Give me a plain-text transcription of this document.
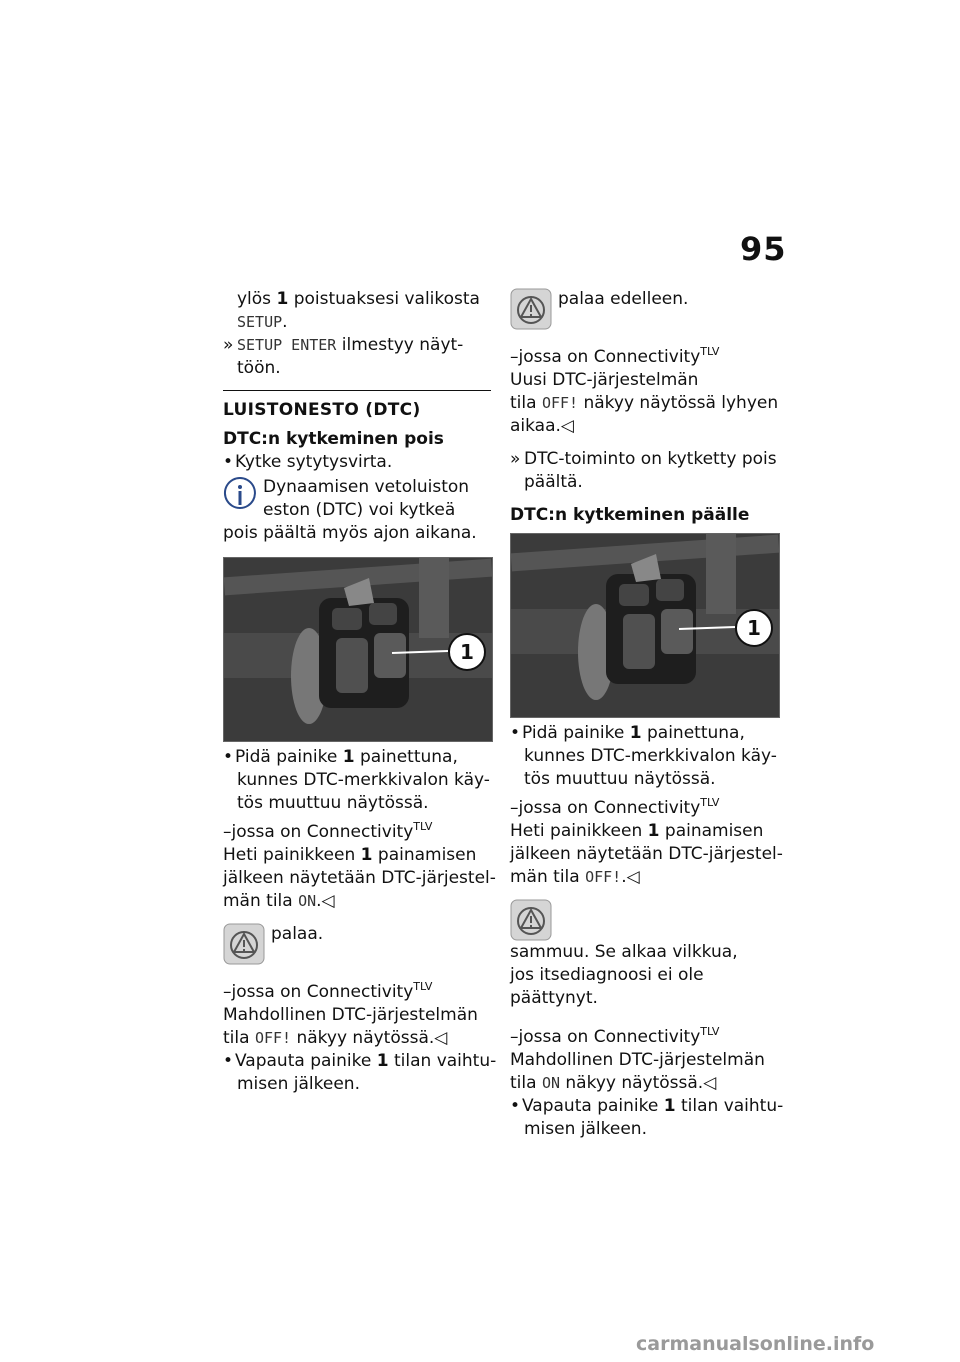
95
ylös 1 poistuaksesi valikosta
SETUP.
» SETUP ENTER ilmestyy näyt-
töön.
LUISTONESTO (DTC)
DTC:n kytkeminen pois
• Kytke sytytysvirta.
Dynaamisen vetoluiston
eston (DTC) voi kytkeä
pois päältä myös ajon aikana.
1
• Pidä painike 1 painettuna,
kunnes DTC-merkkivalon käy-
tös muuttuu näytössä.
–jossa on Connectivity$^{TLV}$
Heti painikkeen 1 painamisen
jälkeen näytetään DTC-järjestel-
män tila ON.◁
palaa.
–jossa on Connectivity$^{TLV}$
Mahdollinen DTC-järjestelmän
tila OFF! näkyy näytössä.◁
• Vapauta painike 1 tilan vaihtu-
misen jälkeen.
palaa edelleen.
–jossa on Connectivity$^{TLV}$
Uusi DTC-järjestelmän
tila OFF! näkyy näytössä lyhyen
aikaa.◁
» DTC-toiminto on kytketty pois
päältä.
DTC:n kytkeminen päälle
1
• Pidä painike 1 painettuna,
kunnes DTC-merkkivalon käy-
tös muuttuu näytössä.
–jossa on Connectivity$^{TLV}$
Heti painikkeen 1 painamisen
jälkeen näytetään DTC-järjestel-
män tila OFF!.◁
sammuu. Se alkaa vilkkua,
jos itsediagnoosi ei ole
päättynyt.
–jossa on Connectivity$^{TLV}$
Mahdollinen DTC-järjestelmän
tila ON näkyy näytössä.◁
• Vapauta painike 1 tilan vaihtu-
misen jälkeen.
carmanualsonline.info
